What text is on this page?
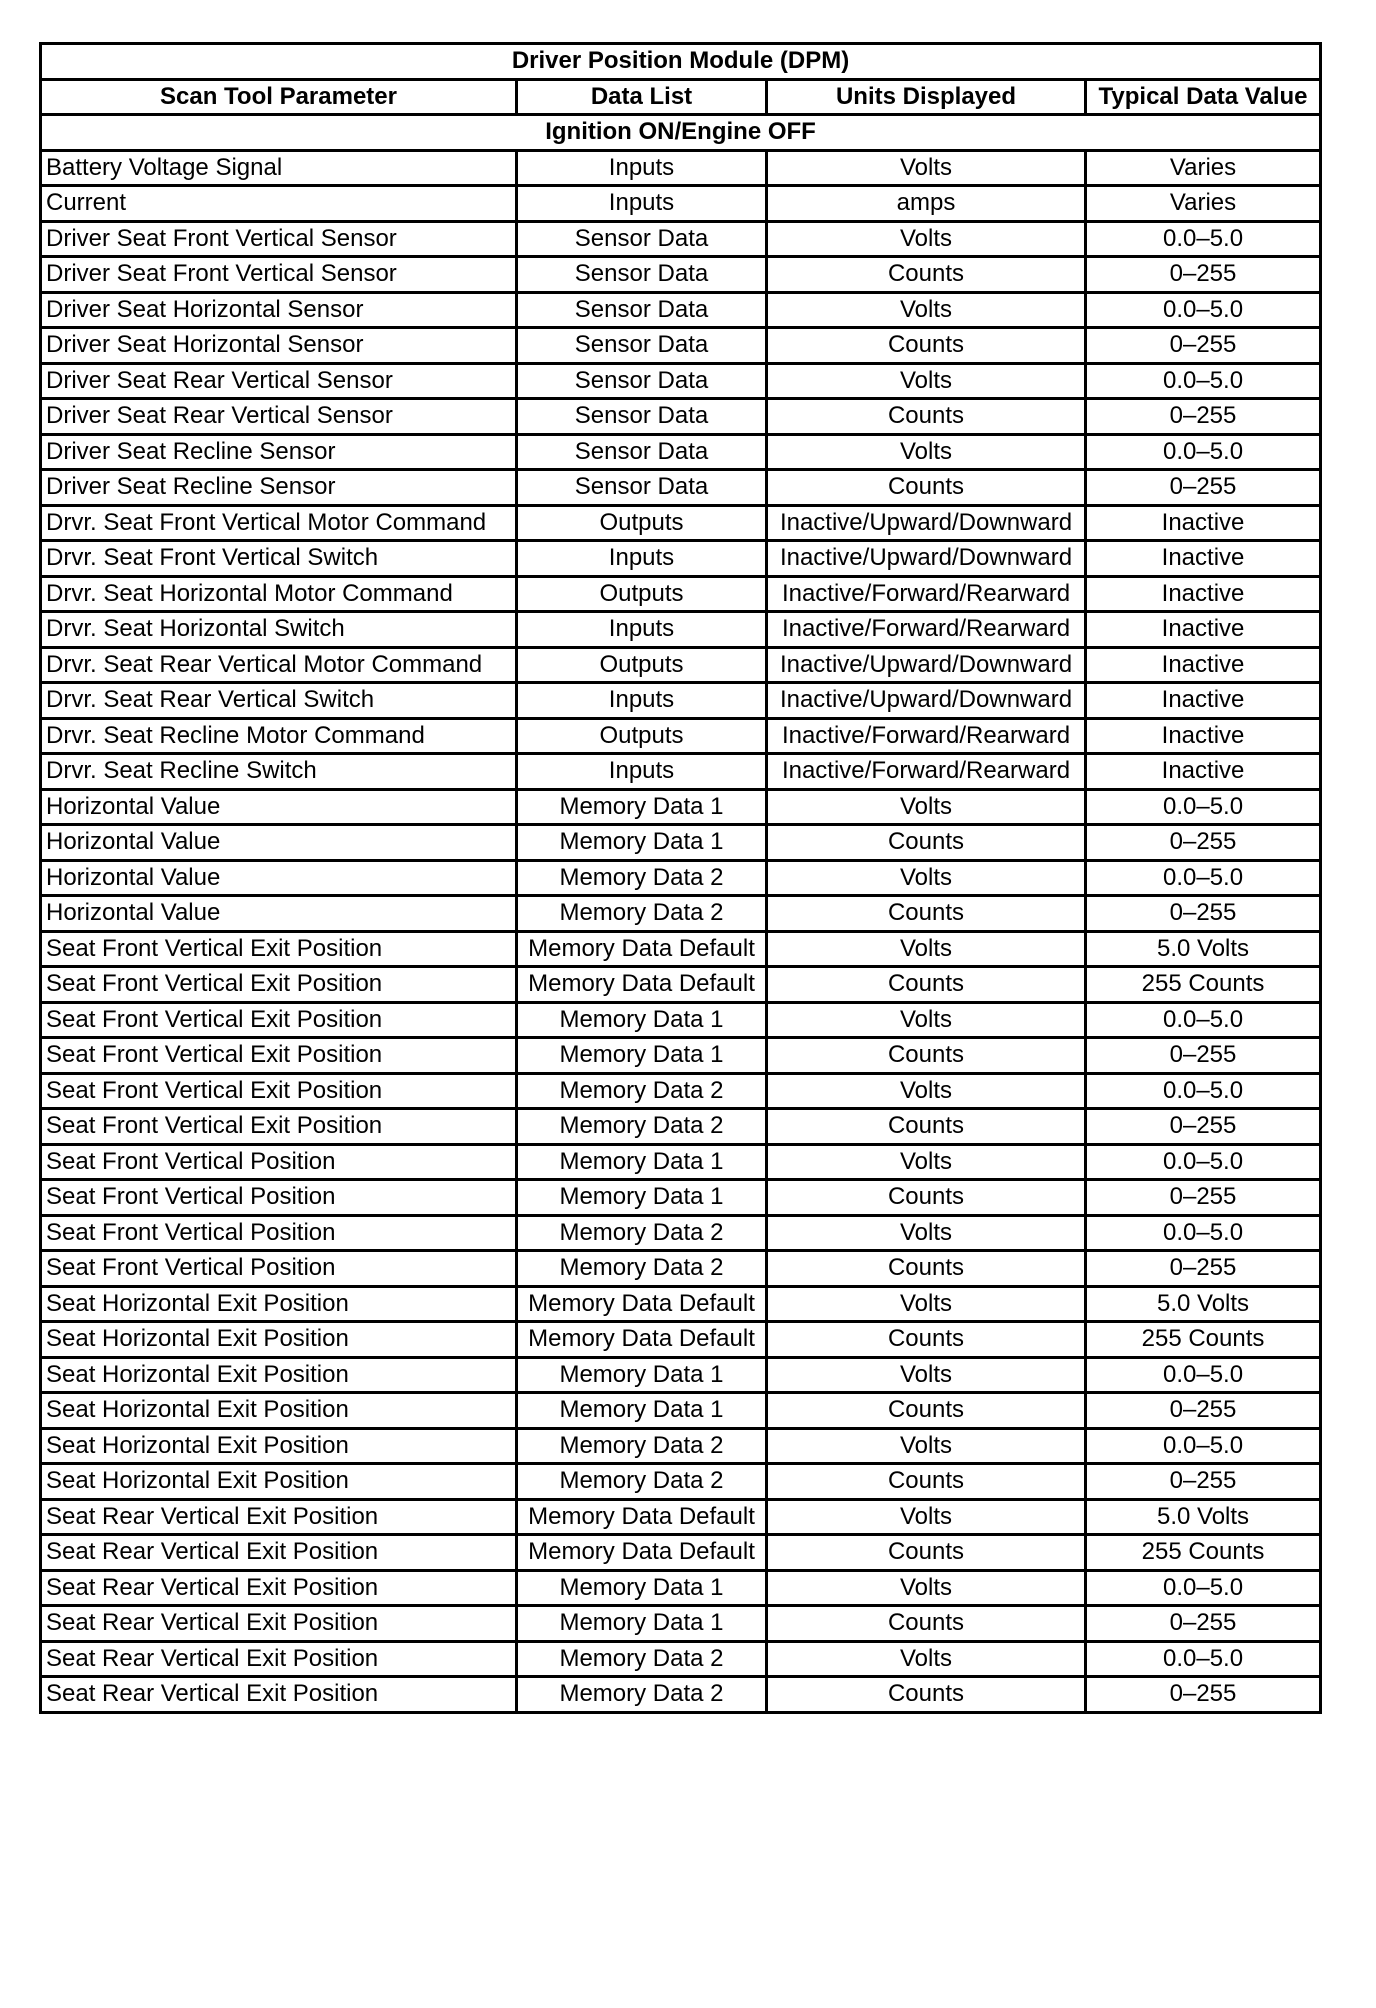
Driver Position Module (DPM)			
Scan Tool Parameter	Data List	Units Displayed	Typical Data Value
Ignition ON/Engine OFF			
Battery Voltage Signal	Inputs	Volts	Varies
Current	Inputs	amps	Varies
Driver Seat Front Vertical Sensor	Sensor Data	Volts	0.0–5.0
Driver Seat Front Vertical Sensor	Sensor Data	Counts	0–255
Driver Seat Horizontal Sensor	Sensor Data	Volts	0.0–5.0
Driver Seat Horizontal Sensor	Sensor Data	Counts	0–255
Driver Seat Rear Vertical Sensor	Sensor Data	Volts	0.0–5.0
Driver Seat Rear Vertical Sensor	Sensor Data	Counts	0–255
Driver Seat Recline Sensor	Sensor Data	Volts	0.0–5.0
Driver Seat Recline Sensor	Sensor Data	Counts	0–255
Drvr. Seat Front Vertical Motor Command	Outputs	Inactive/Upward/Downward	Inactive
Drvr. Seat Front Vertical Switch	Inputs	Inactive/Upward/Downward	Inactive
Drvr. Seat Horizontal Motor Command	Outputs	Inactive/Forward/Rearward	Inactive
Drvr. Seat Horizontal Switch	Inputs	Inactive/Forward/Rearward	Inactive
Drvr. Seat Rear Vertical Motor Command	Outputs	Inactive/Upward/Downward	Inactive
Drvr. Seat Rear Vertical Switch	Inputs	Inactive/Upward/Downward	Inactive
Drvr. Seat Recline Motor Command	Outputs	Inactive/Forward/Rearward	Inactive
Drvr. Seat Recline Switch	Inputs	Inactive/Forward/Rearward	Inactive
Horizontal Value	Memory Data 1	Volts	0.0–5.0
Horizontal Value	Memory Data 1	Counts	0–255
Horizontal Value	Memory Data 2	Volts	0.0–5.0
Horizontal Value	Memory Data 2	Counts	0–255
Seat Front Vertical Exit Position	Memory Data Default	Volts	5.0 Volts
Seat Front Vertical Exit Position	Memory Data Default	Counts	255 Counts
Seat Front Vertical Exit Position	Memory Data 1	Volts	0.0–5.0
Seat Front Vertical Exit Position	Memory Data 1	Counts	0–255
Seat Front Vertical Exit Position	Memory Data 2	Volts	0.0–5.0
Seat Front Vertical Exit Position	Memory Data 2	Counts	0–255
Seat Front Vertical Position	Memory Data 1	Volts	0.0–5.0
Seat Front Vertical Position	Memory Data 1	Counts	0–255
Seat Front Vertical Position	Memory Data 2	Volts	0.0–5.0
Seat Front Vertical Position	Memory Data 2	Counts	0–255
Seat Horizontal Exit Position	Memory Data Default	Volts	5.0 Volts
Seat Horizontal Exit Position	Memory Data Default	Counts	255 Counts
Seat Horizontal Exit Position	Memory Data 1	Volts	0.0–5.0
Seat Horizontal Exit Position	Memory Data 1	Counts	0–255
Seat Horizontal Exit Position	Memory Data 2	Volts	0.0–5.0
Seat Horizontal Exit Position	Memory Data 2	Counts	0–255
Seat Rear Vertical Exit Position	Memory Data Default	Volts	5.0 Volts
Seat Rear Vertical Exit Position	Memory Data Default	Counts	255 Counts
Seat Rear Vertical Exit Position	Memory Data 1	Volts	0.0–5.0
Seat Rear Vertical Exit Position	Memory Data 1	Counts	0–255
Seat Rear Vertical Exit Position	Memory Data 2	Volts	0.0–5.0
Seat Rear Vertical Exit Position	Memory Data 2	Counts	0–255
